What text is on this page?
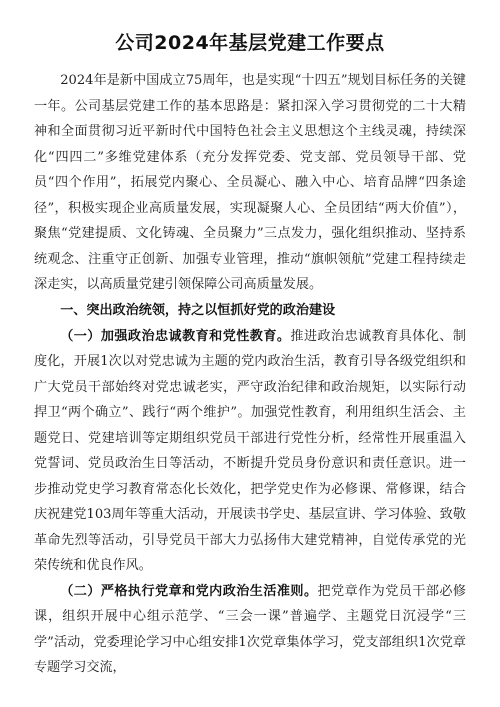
公司2024年基层党建工作要点

2024年是新中国成立75周年，也是实现“十四五”规划目标任务的关键一年。公司基层党建工作的基本思路是：紧扣深入学习贯彻党的二十大精神和全面贯彻习近平新时代中国特色社会主义思想这个主线灵魂，持续深化“四四二”多维党建体系（充分发挥党委、党支部、党员领导干部、党员“四个作用”，拓展党内聚心、全员凝心、融入中心、培育品牌“四条途径”，积极实现企业高质量发展，实现凝聚人心、全员团结“两大价值”），聚焦“党建提质、文化铸魂、全员聚力”三点发力，强化组织推动、坚持系统观念、注重守正创新、加强专业管理，推动“旗帜领航”党建工程持续走深走实，以高质量党建引领保障公司高质量发展。

一、突出政治统领，持之以恒抓好党的政治建设

（一）加强政治忠诚教育和党性教育。推进政治忠诚教育具体化、制度化，开展1次以对党忠诚为主题的党内政治生活，教育引导各级党组织和广大党员干部始终对党忠诚老实，严守政治纪律和政治规矩，以实际行动捍卫“两个确立”、践行“两个维护”。加强党性教育，利用组织生活会、主题党日、党建培训等定期组织党员干部进行党性分析，经常性开展重温入党誓词、党员政治生日等活动，不断提升党员身份意识和责任意识。进一步推动党史学习教育常态化长效化，把学党史作为必修课、常修课，结合庆祝建党103周年等重大活动，开展读书学史、基层宣讲、学习体验、致敬革命先烈等活动，引导党员干部大力弘扬伟大建党精神，自觉传承党的光荣传统和优良作风。

（二）严格执行党章和党内政治生活准则。把党章作为党员干部必修课，组织开展中心组示范学、“三会一课”普遍学、主题党日沉浸学“三学”活动，党委理论学习中心组安排1次党章集体学习，党支部组织1次党章专题学习交流，
